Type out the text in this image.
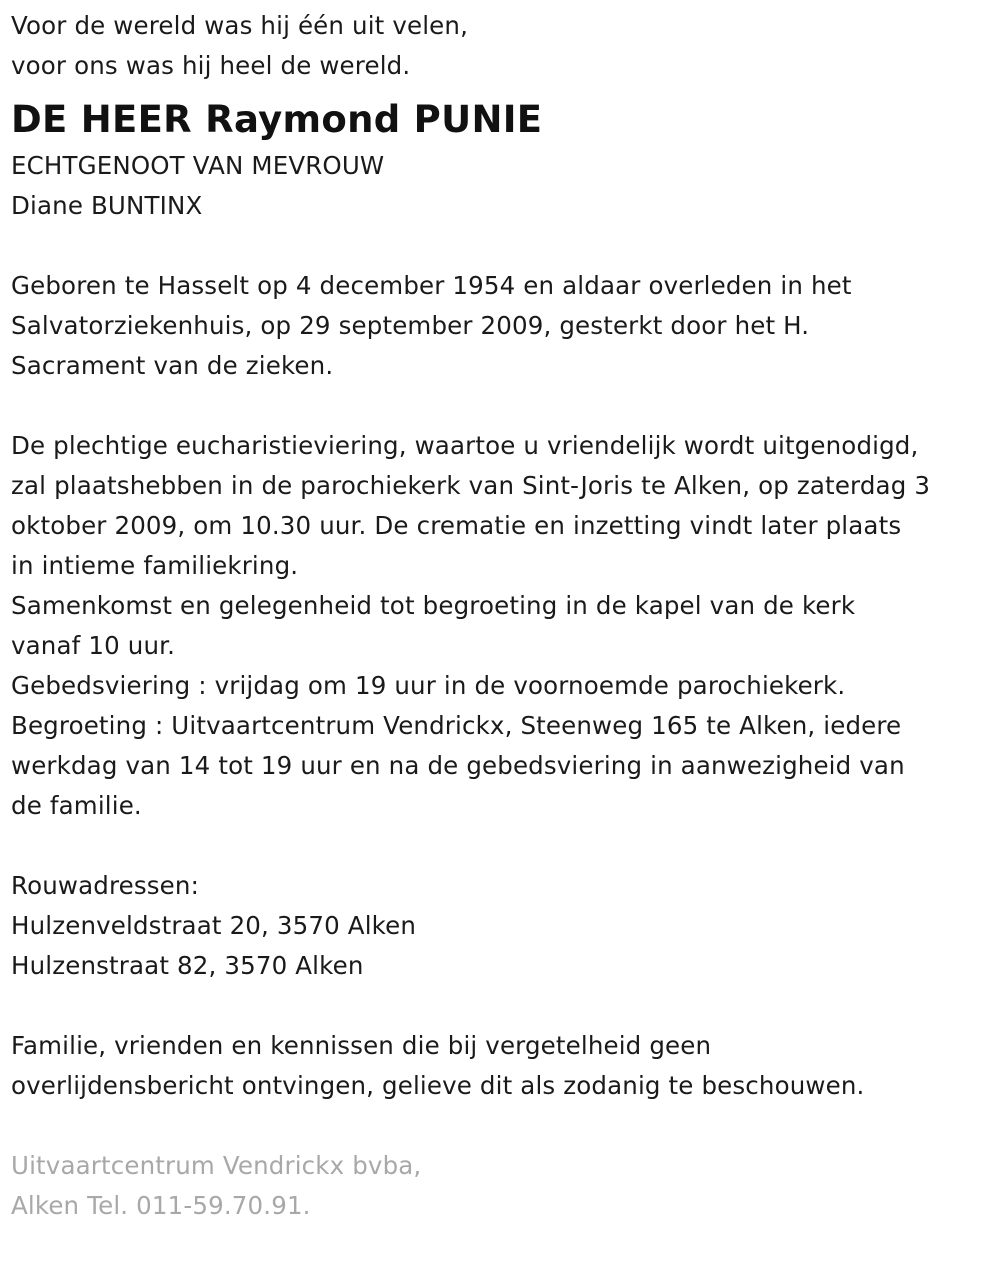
Voor de wereld was hij één uit velen,
voor ons was hij heel de wereld.
DE HEER Raymond PUNIE
ECHTGENOOT VAN MEVROUW
Diane BUNTINX
Geboren te Hasselt op 4 december 1954 en aldaar overleden in het
Salvatorziekenhuis, op 29 september 2009, gesterkt door het H.
Sacrament van de zieken.
De plechtige eucharistieviering, waartoe u vriendelijk wordt uitgenodigd,
zal plaatshebben in de parochiekerk van Sint-Joris te Alken, op zaterdag 3
oktober 2009, om 10.30 uur. De crematie en inzetting vindt later plaats
in intieme familiekring.
Samenkomst en gelegenheid tot begroeting in de kapel van de kerk
vanaf 10 uur.
Gebedsviering : vrijdag om 19 uur in de voornoemde parochiekerk.
Begroeting : Uitvaartcentrum Vendrickx, Steenweg 165 te Alken, iedere
werkdag van 14 tot 19 uur en na de gebedsviering in aanwezigheid van
de familie.
Rouwadressen:
Hulzenveldstraat 20, 3570 Alken
Hulzenstraat 82, 3570 Alken
Familie, vrienden en kennissen die bij vergetelheid geen
overlijdensbericht ontvingen, gelieve dit als zodanig te beschouwen.
Uitvaartcentrum Vendrickx bvba,
Alken Tel. 011-59.70.91.
